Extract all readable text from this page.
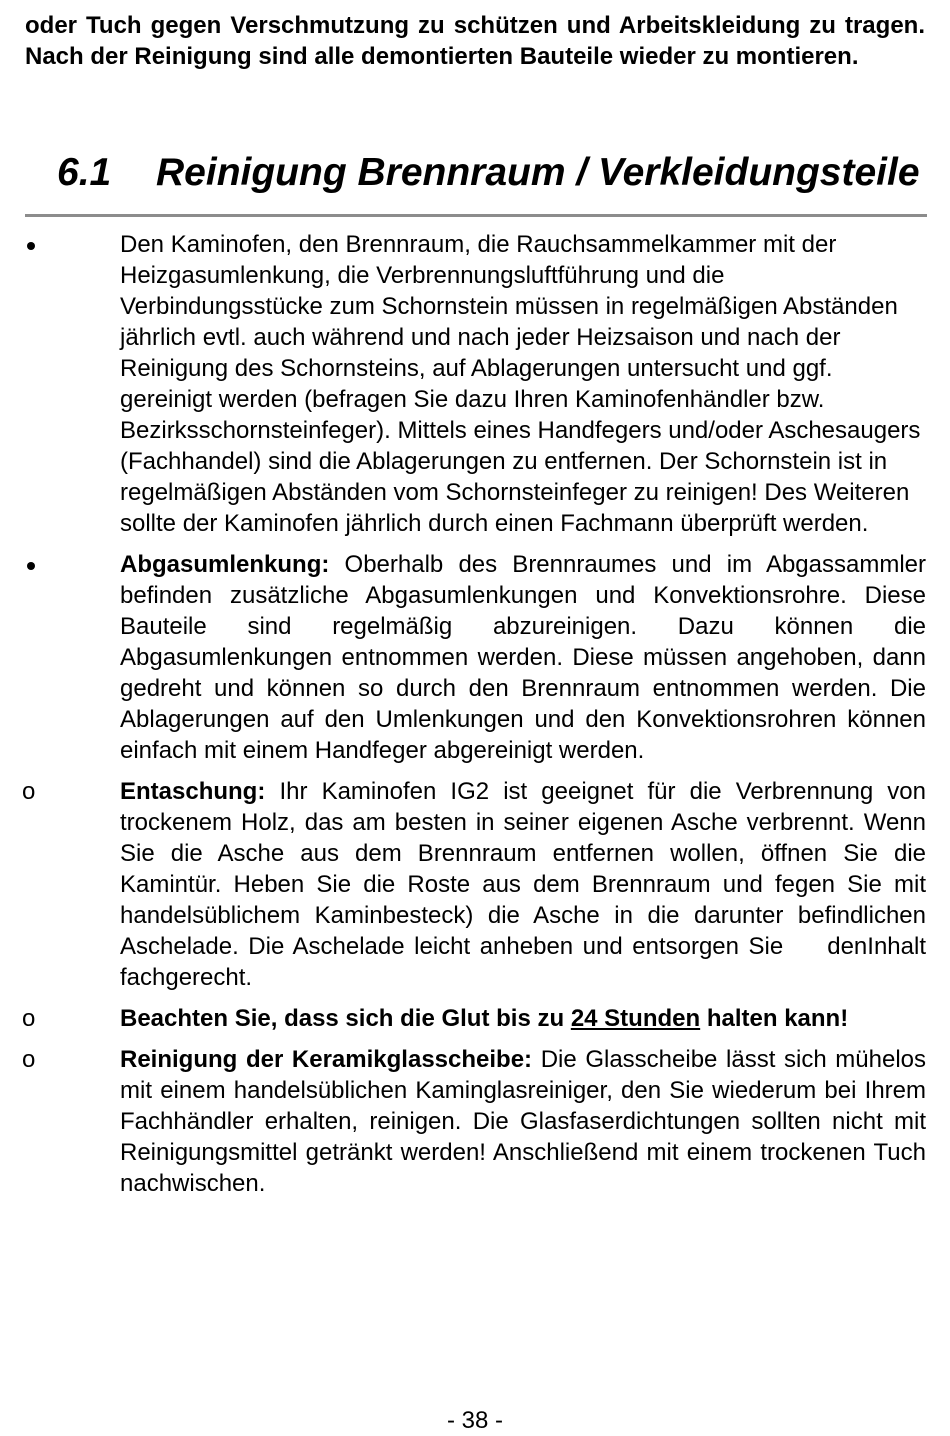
oder Tuch gegen Verschmutzung zu schützen und Arbeitskleidung zu tragen. Nach der Reinigung sind alle demontierten Bauteile wieder zu montieren.

6.1 Reinigung Brennraum / Verkleidungsteile
Den Kaminofen, den Brennraum, die Rauchsammelkammer mit der Heizgasumlenkung, die Verbrennungsluftführung und die Verbindungsstücke zum Schornstein müssen in regelmäßigen Abständen jährlich evtl. auch während und nach jeder Heizsaison und nach der Reinigung des Schornsteins, auf Ablagerungen untersucht und ggf. gereinigt werden (befragen Sie dazu Ihren Kaminofenhändler bzw. Bezirksschornsteinfeger). Mittels eines Handfegers und/oder Aschesaugers (Fachhandel) sind die Ablagerungen zu entfernen. Der Schornstein ist in regelmäßigen Abständen vom Schornsteinfeger zu reinigen! Des Weiteren sollte der Kaminofen jährlich durch einen Fachmann überprüft werden.
Abgasumlenkung: Oberhalb des Brennraumes und im Abgassammler befinden zusätzliche Abgasumlenkungen und Konvektionsrohre. Diese Bauteile sind regelmäßig abzureinigen. Dazu können die Abgasumlenkungen entnommen werden. Diese müssen angehoben, dann gedreht und können so durch den Brennraum entnommen werden. Die Ablagerungen auf den Umlenkungen und den Konvektionsrohren können einfach mit einem Handfeger abgereinigt werden.
o	Entaschung: Ihr Kaminofen IG2 ist geeignet für die Verbrennung von trockenem Holz, das am besten in seiner eigenen Asche verbrennt. Wenn Sie die Asche aus dem Brennraum entfernen wollen, öffnen Sie die Kamintür. Heben Sie die Roste aus dem Brennraum und fegen Sie mit handelsüblichem Kaminbesteck) die Asche in die darunter befindlichen Aschelade. Die Aschelade leicht anheben und entsorgen Sie denInhalt fachgerecht.
o	Beachten Sie, dass sich die Glut bis zu 24 Stunden halten kann!
o	Reinigung der Keramikglasscheibe: Die Glasscheibe lässt sich mühelos mit einem handelsüblichen Kaminglasreiniger, den Sie wiederum bei Ihrem Fachhändler erhalten, reinigen. Die Glasfaserdichtungen sollten nicht mit Reinigungsmittel getränkt werden! Anschließend mit einem trockenen Tuch nachwischen.
- 38 -
